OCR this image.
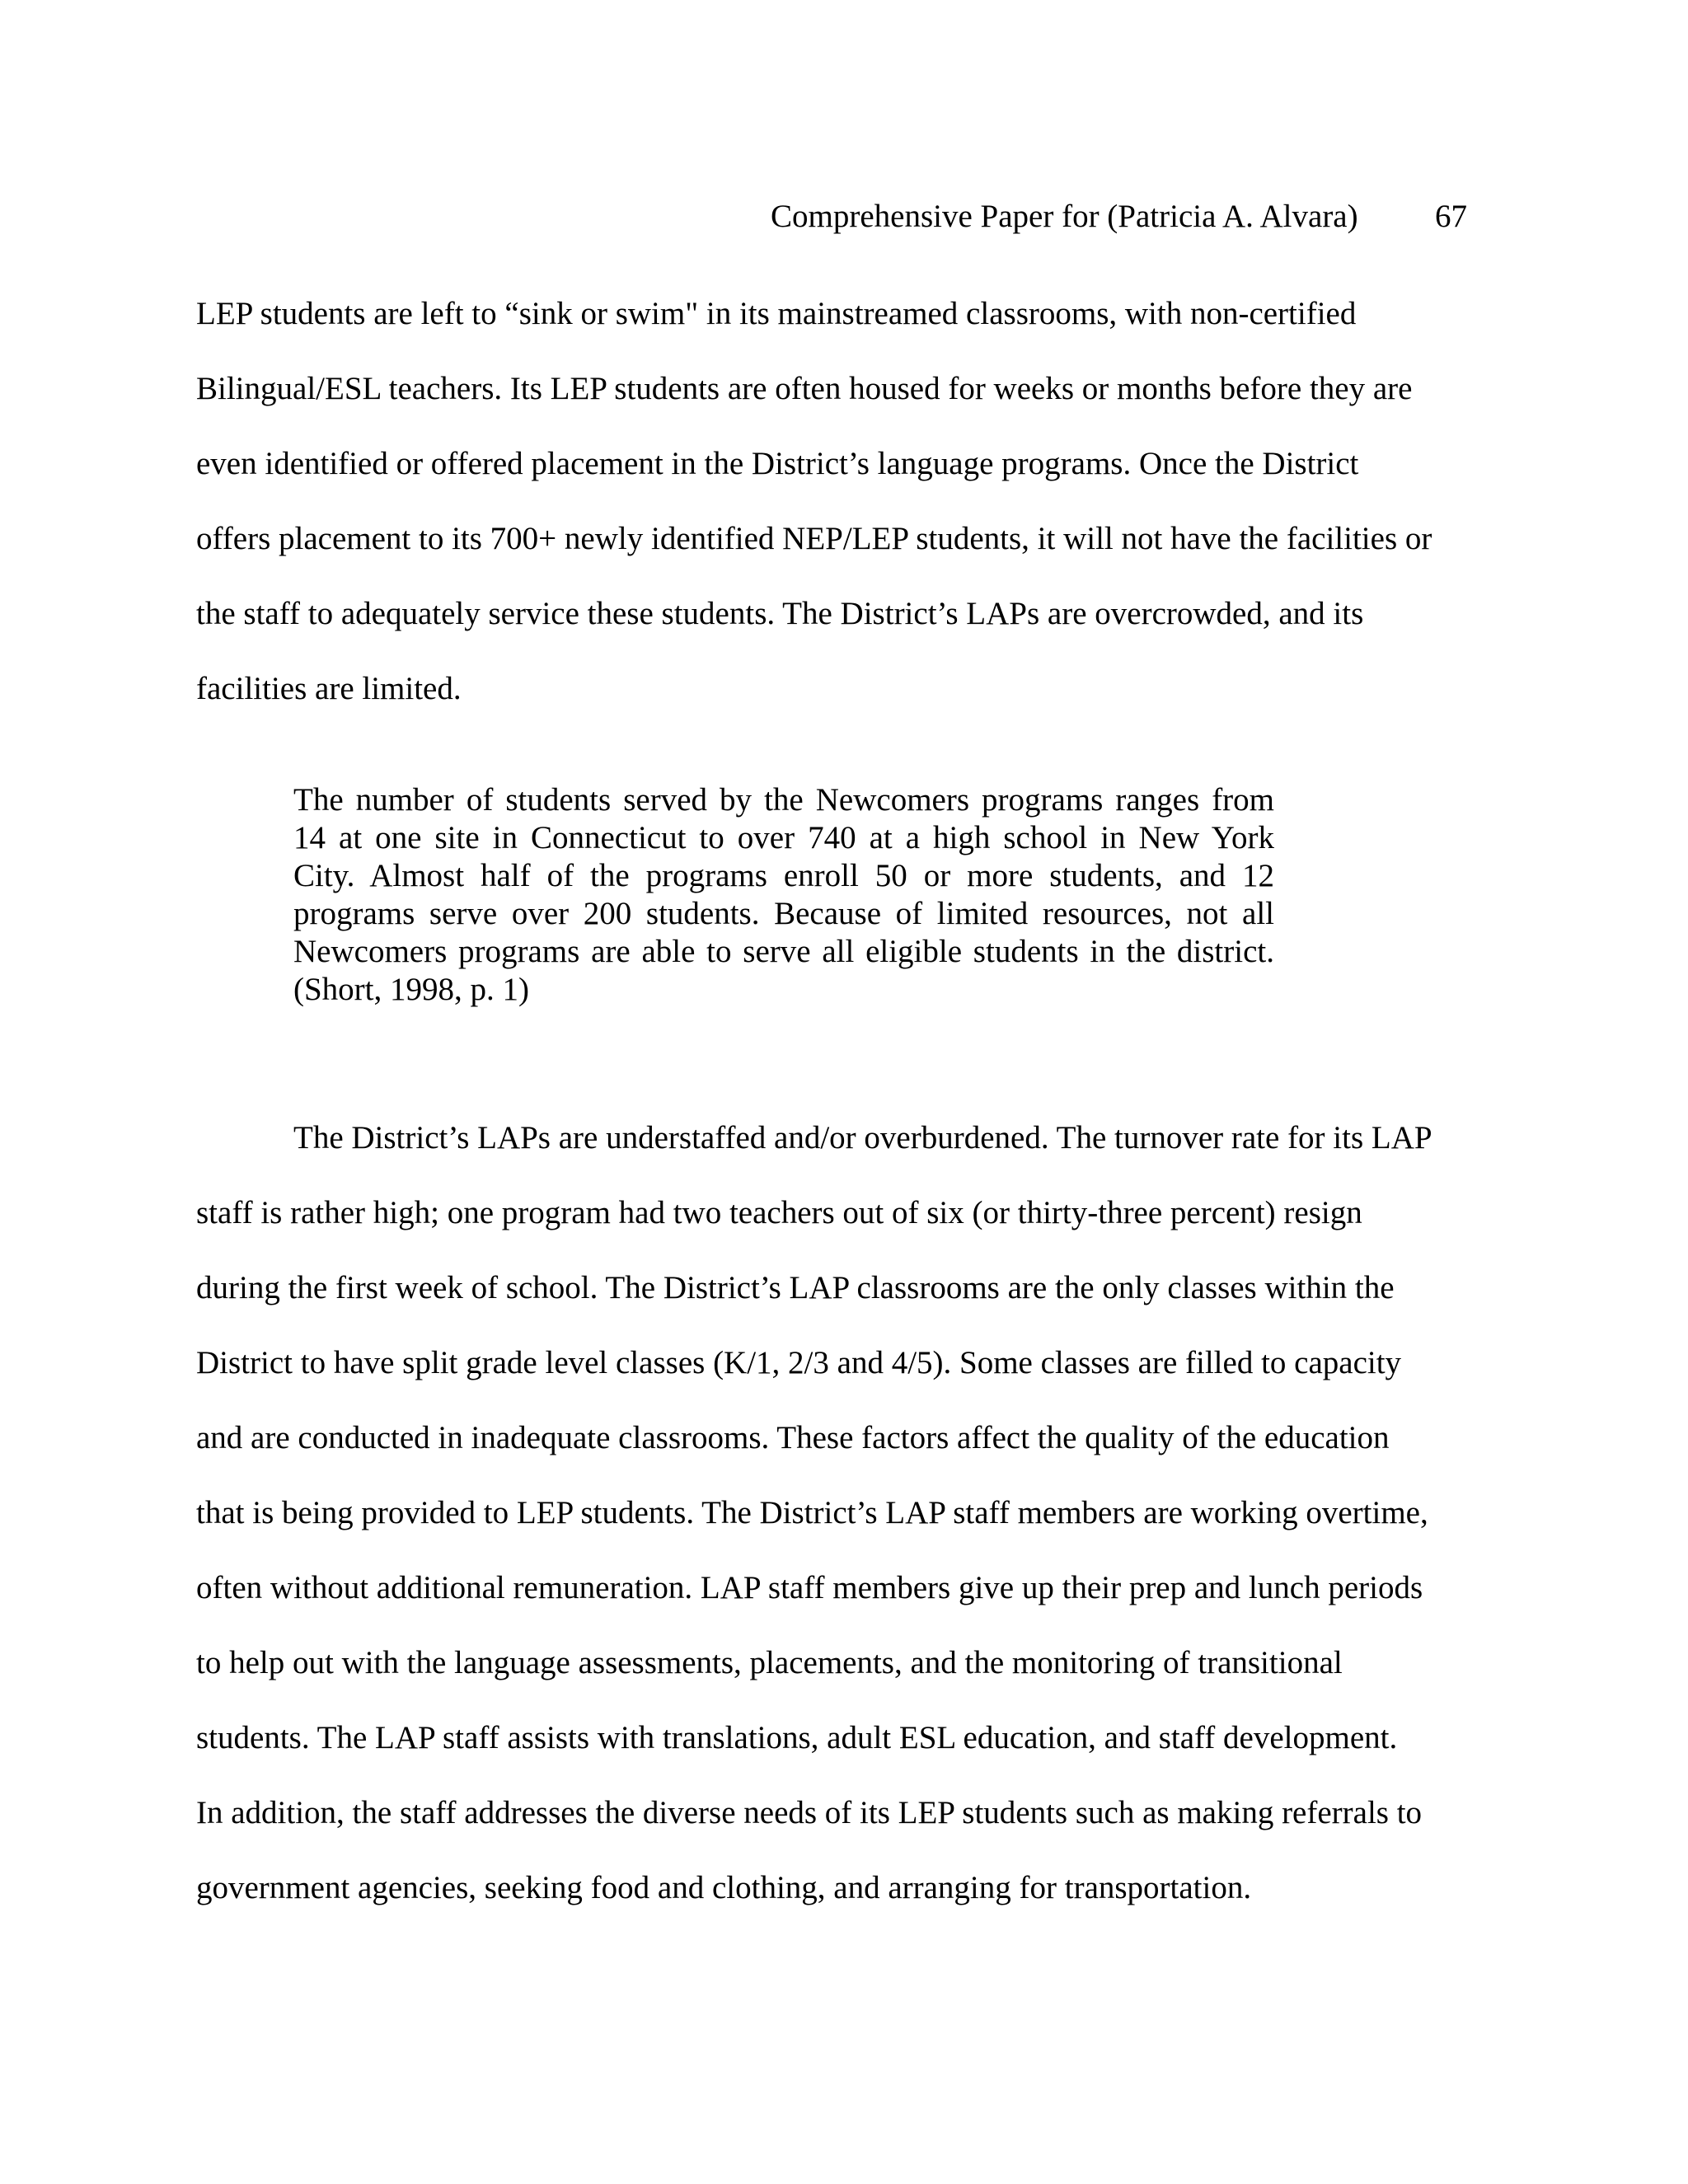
Comprehensive Paper for (Patricia A. Alvara) 67
LEP students are left to “sink or swim" in its mainstreamed classrooms, with non-certified
Bilingual/ESL teachers. Its LEP students are often housed for weeks or months before they are
even identified or offered placement in the District’s language programs. Once the District
offers placement to its 700+ newly identified NEP/LEP students, it will not have the facilities or
the staff to adequately service these students. The District’s LAPs are overcrowded, and its
facilities are limited.
The number of students served by the Newcomers programs ranges from
14 at one site in Connecticut to over 740 at a high school in New York
City. Almost half of the programs enroll 50 or more students, and 12
programs serve over 200 students. Because of limited resources, not all
Newcomers programs are able to serve all eligible students in the district.
(Short, 1998, p. 1)
The District’s LAPs are understaffed and/or overburdened. The turnover rate for its LAP
staff is rather high; one program had two teachers out of six (or thirty-three percent) resign
during the first week of school. The District’s LAP classrooms are the only classes within the
District to have split grade level classes (K/1, 2/3 and 4/5). Some classes are filled to capacity
and are conducted in inadequate classrooms. These factors affect the quality of the education
that is being provided to LEP students. The District’s LAP staff members are working overtime,
often without additional remuneration. LAP staff members give up their prep and lunch periods
to help out with the language assessments, placements, and the monitoring of transitional
students. The LAP staff assists with translations, adult ESL education, and staff development.
In addition, the staff addresses the diverse needs of its LEP students such as making referrals to
government agencies, seeking food and clothing, and arranging for transportation.
